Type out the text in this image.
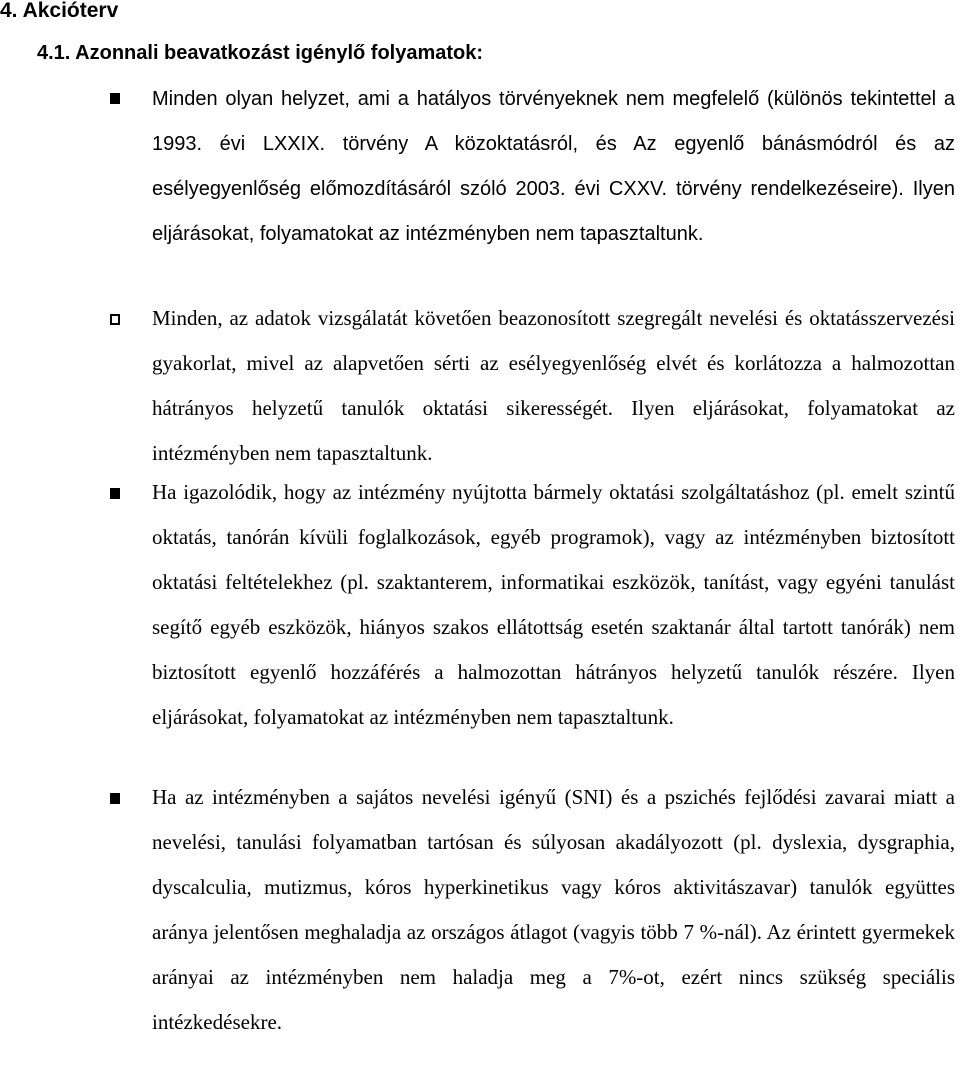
4. Akcióterv
4.1. Azonnali beavatkozást igénylő folyamatok:

Minden olyan helyzet, ami a hatályos törvényeknek nem megfelelő (különös tekintettel a 1993. évi LXXIX. törvény A közoktatásról, és Az egyenlő bánásmódról és az esélyegyenlőség előmozdításáról szóló 2003. évi CXXV. törvény rendelkezéseire). Ilyen eljárásokat, folyamatokat az intézményben nem tapasztaltunk.

Minden, az adatok vizsgálatát követően beazonosított szegregált nevelési és oktatásszervezési gyakorlat, mivel az alapvetően sérti az esélyegyenlőség elvét és korlátozza a halmozottan hátrányos helyzetű tanulók oktatási sikerességét. Ilyen eljárásokat, folyamatokat az intézményben nem tapasztaltunk.

Ha igazolódik, hogy az intézmény nyújtotta bármely oktatási szolgáltatáshoz (pl. emelt szintű oktatás, tanórán kívüli foglalkozások, egyéb programok), vagy az intézményben biztosított oktatási feltételekhez (pl. szaktanterem, informatikai eszközök, tanítást, vagy egyéni tanulást segítő egyéb eszközök, hiányos szakos ellátottság esetén szaktanár által tartott tanórák) nem biztosított egyenlő hozzáférés a halmozottan hátrányos helyzetű tanulók részére. Ilyen eljárásokat, folyamatokat az intézményben nem tapasztaltunk.

Ha az intézményben a sajátos nevelési igényű (SNI) és a pszichés fejlődési zavarai miatt a nevelési, tanulási folyamatban tartósan és súlyosan akadályozott (pl. dyslexia, dysgraphia, dyscalculia, mutizmus, kóros hyperkinetikus vagy kóros aktivitászavar) tanulók együttes aránya jelentősen meghaladja az országos átlagot (vagyis több 7 %-nál). Az érintett gyermekek arányai az intézményben nem haladja meg a 7%-ot, ezért nincs szükség speciális intézkedésekre.
